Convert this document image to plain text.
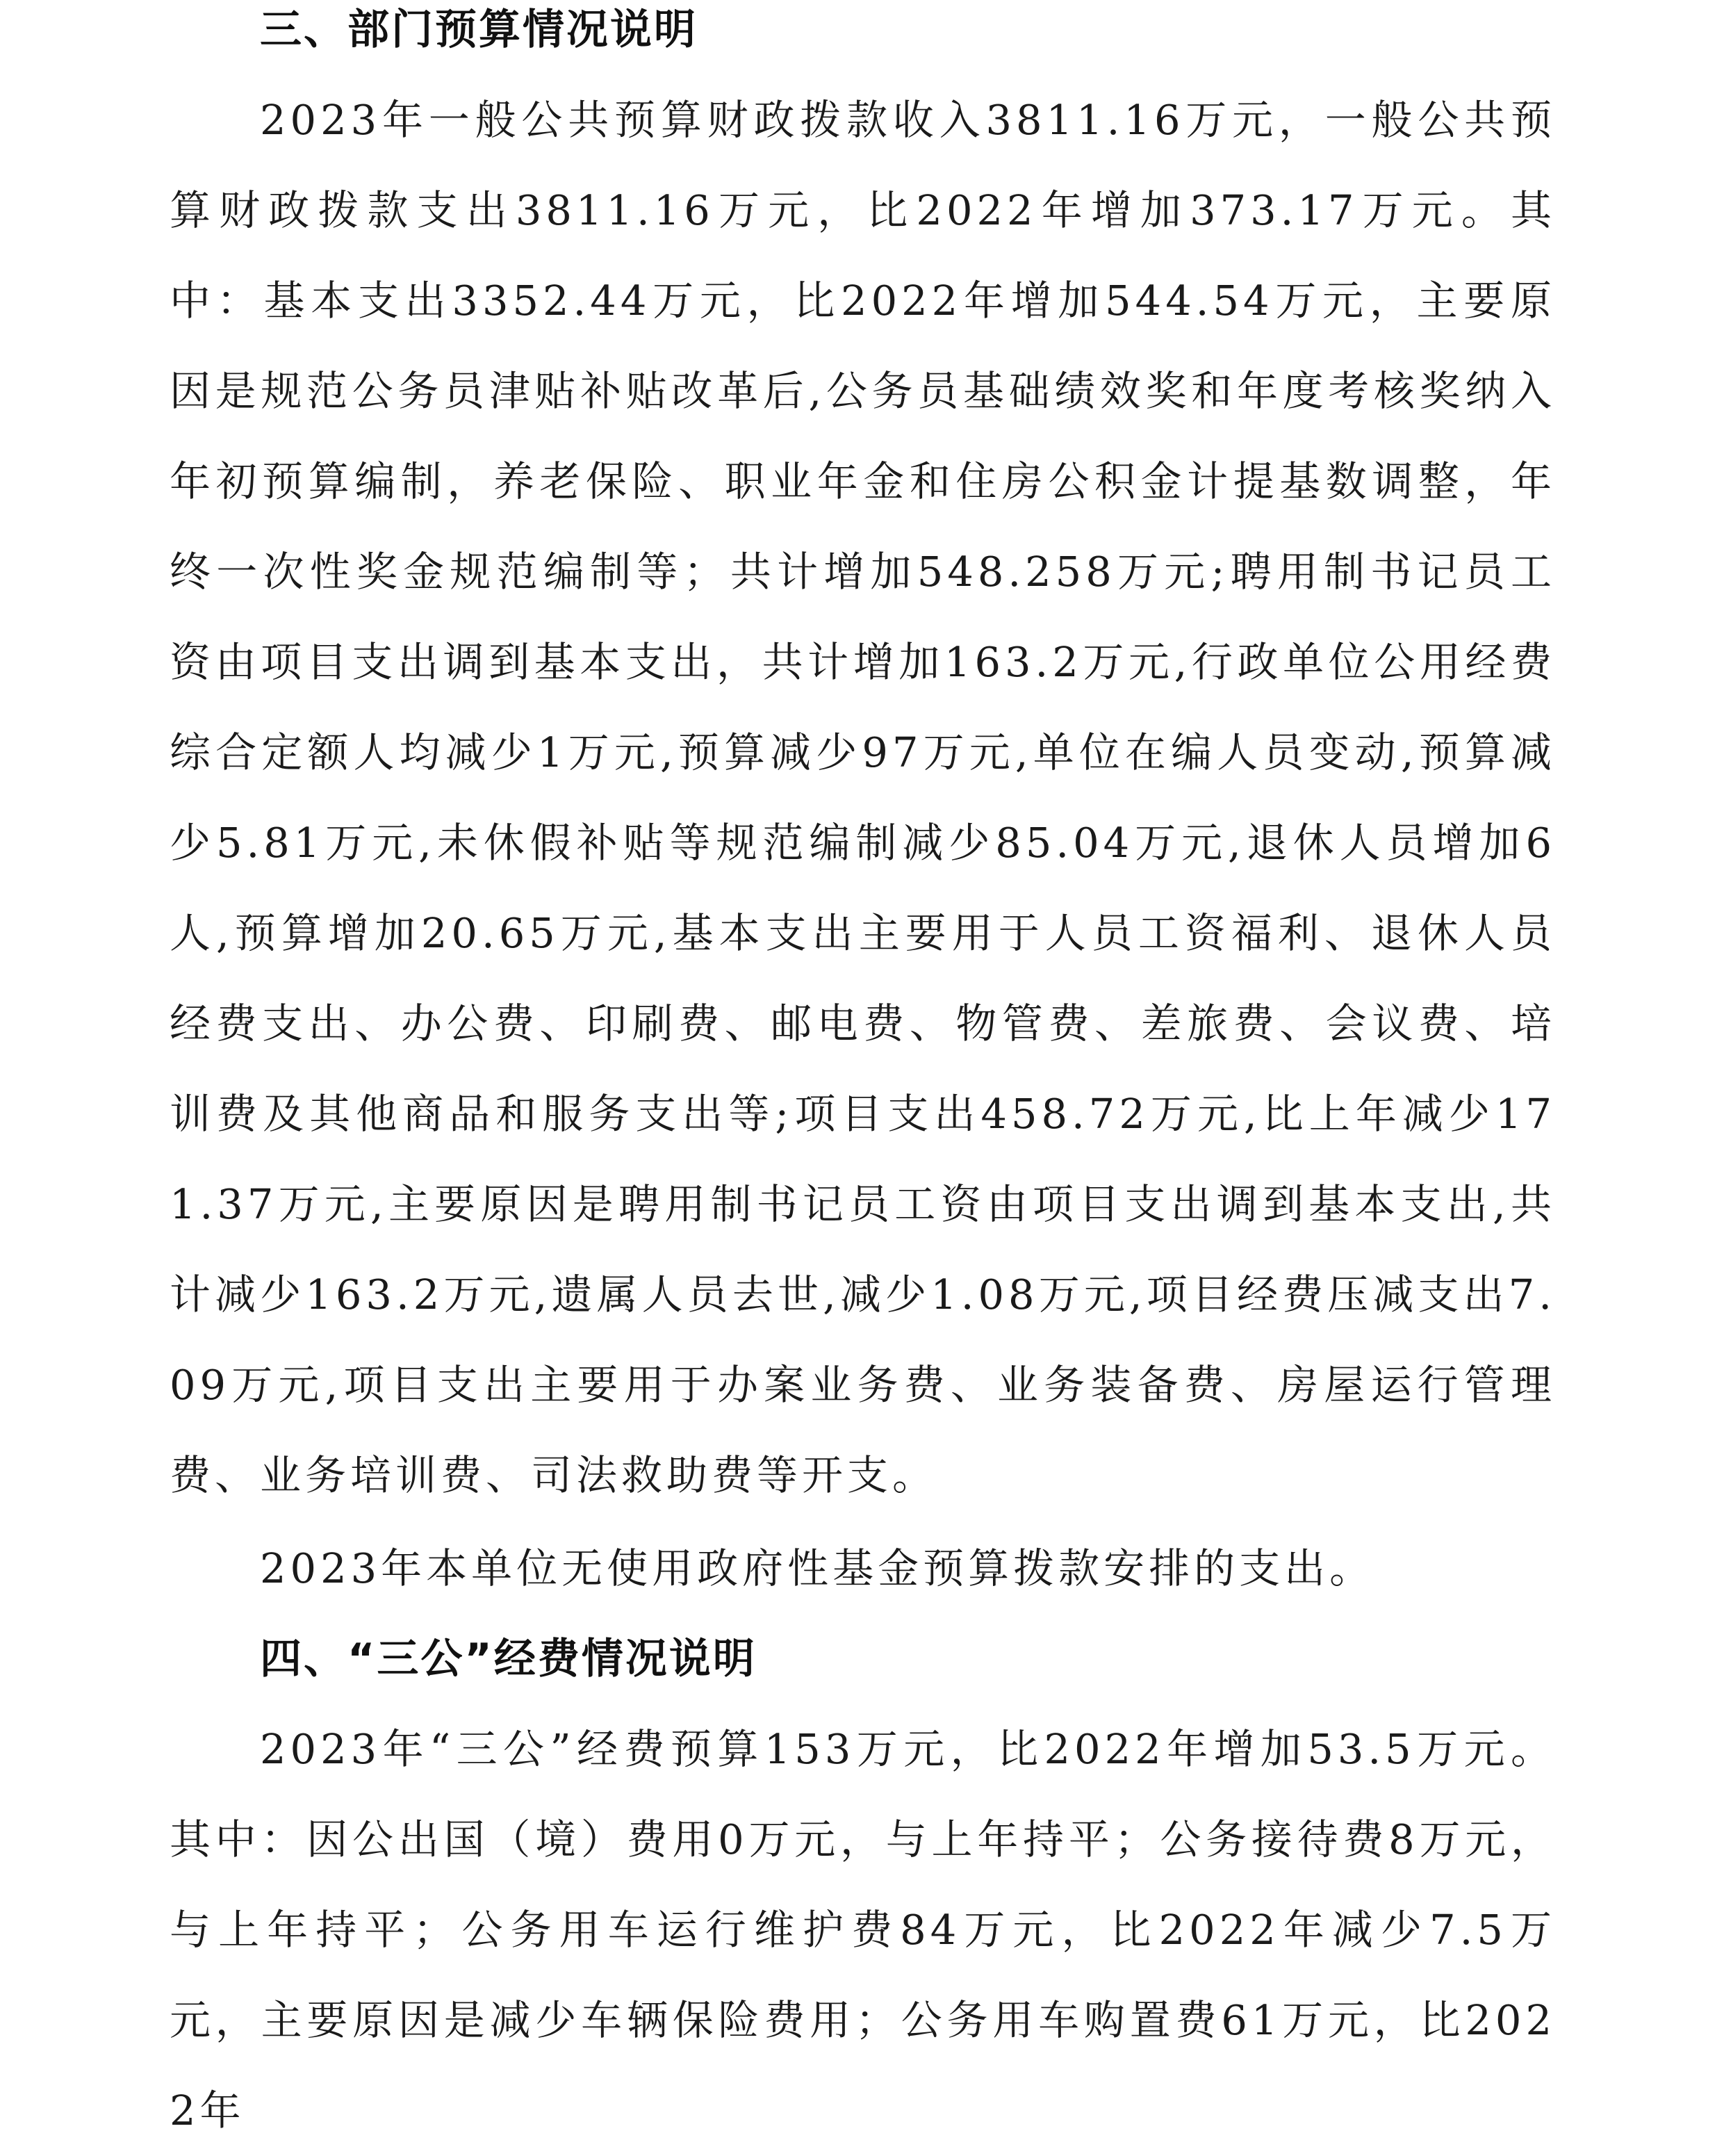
三、部门预算情况说明

2023年一般公共预算财政拨款收入3811.16万元，一般公共预算财政拨款支出3811.16万元，比2022年增加373.17万元。其中：基本支出3352.44万元，比2022年增加544.54万元，主要原因是规范公务员津贴补贴改革后,公务员基础绩效奖和年度考核奖纳入年初预算编制，养老保险、职业年金和住房公积金计提基数调整，年终一次性奖金规范编制等；共计增加548.258万元;聘用制书记员工资由项目支出调到基本支出，共计增加163.2万元,行政单位公用经费综合定额人均减少1万元,预算减少97万元,单位在编人员变动,预算减少5.81万元,未休假补贴等规范编制减少85.04万元,退休人员增加6人,预算增加20.65万元,基本支出主要用于人员工资福利、退休人员经费支出、办公费、印刷费、邮电费、物管费、差旅费、会议费、培训费及其他商品和服务支出等;项目支出458.72万元,比上年减少171.37万元,主要原因是聘用制书记员工资由项目支出调到基本支出,共计减少163.2万元,遗属人员去世,减少1.08万元,项目经费压减支出7.09万元,项目支出主要用于办案业务费、业务装备费、房屋运行管理费、业务培训费、司法救助费等开支。

2023年本单位无使用政府性基金预算拨款安排的支出。

四、“三公”经费情况说明

2023年“三公”经费预算153万元，比2022年增加53.5万元。其中：因公出国（境）费用0万元，与上年持平；公务接待费8万元，与上年持平；公务用车运行维护费84万元，比2022年减少7.5万元，主要原因是减少车辆保险费用；公务用车购置费61万元，比2022年
